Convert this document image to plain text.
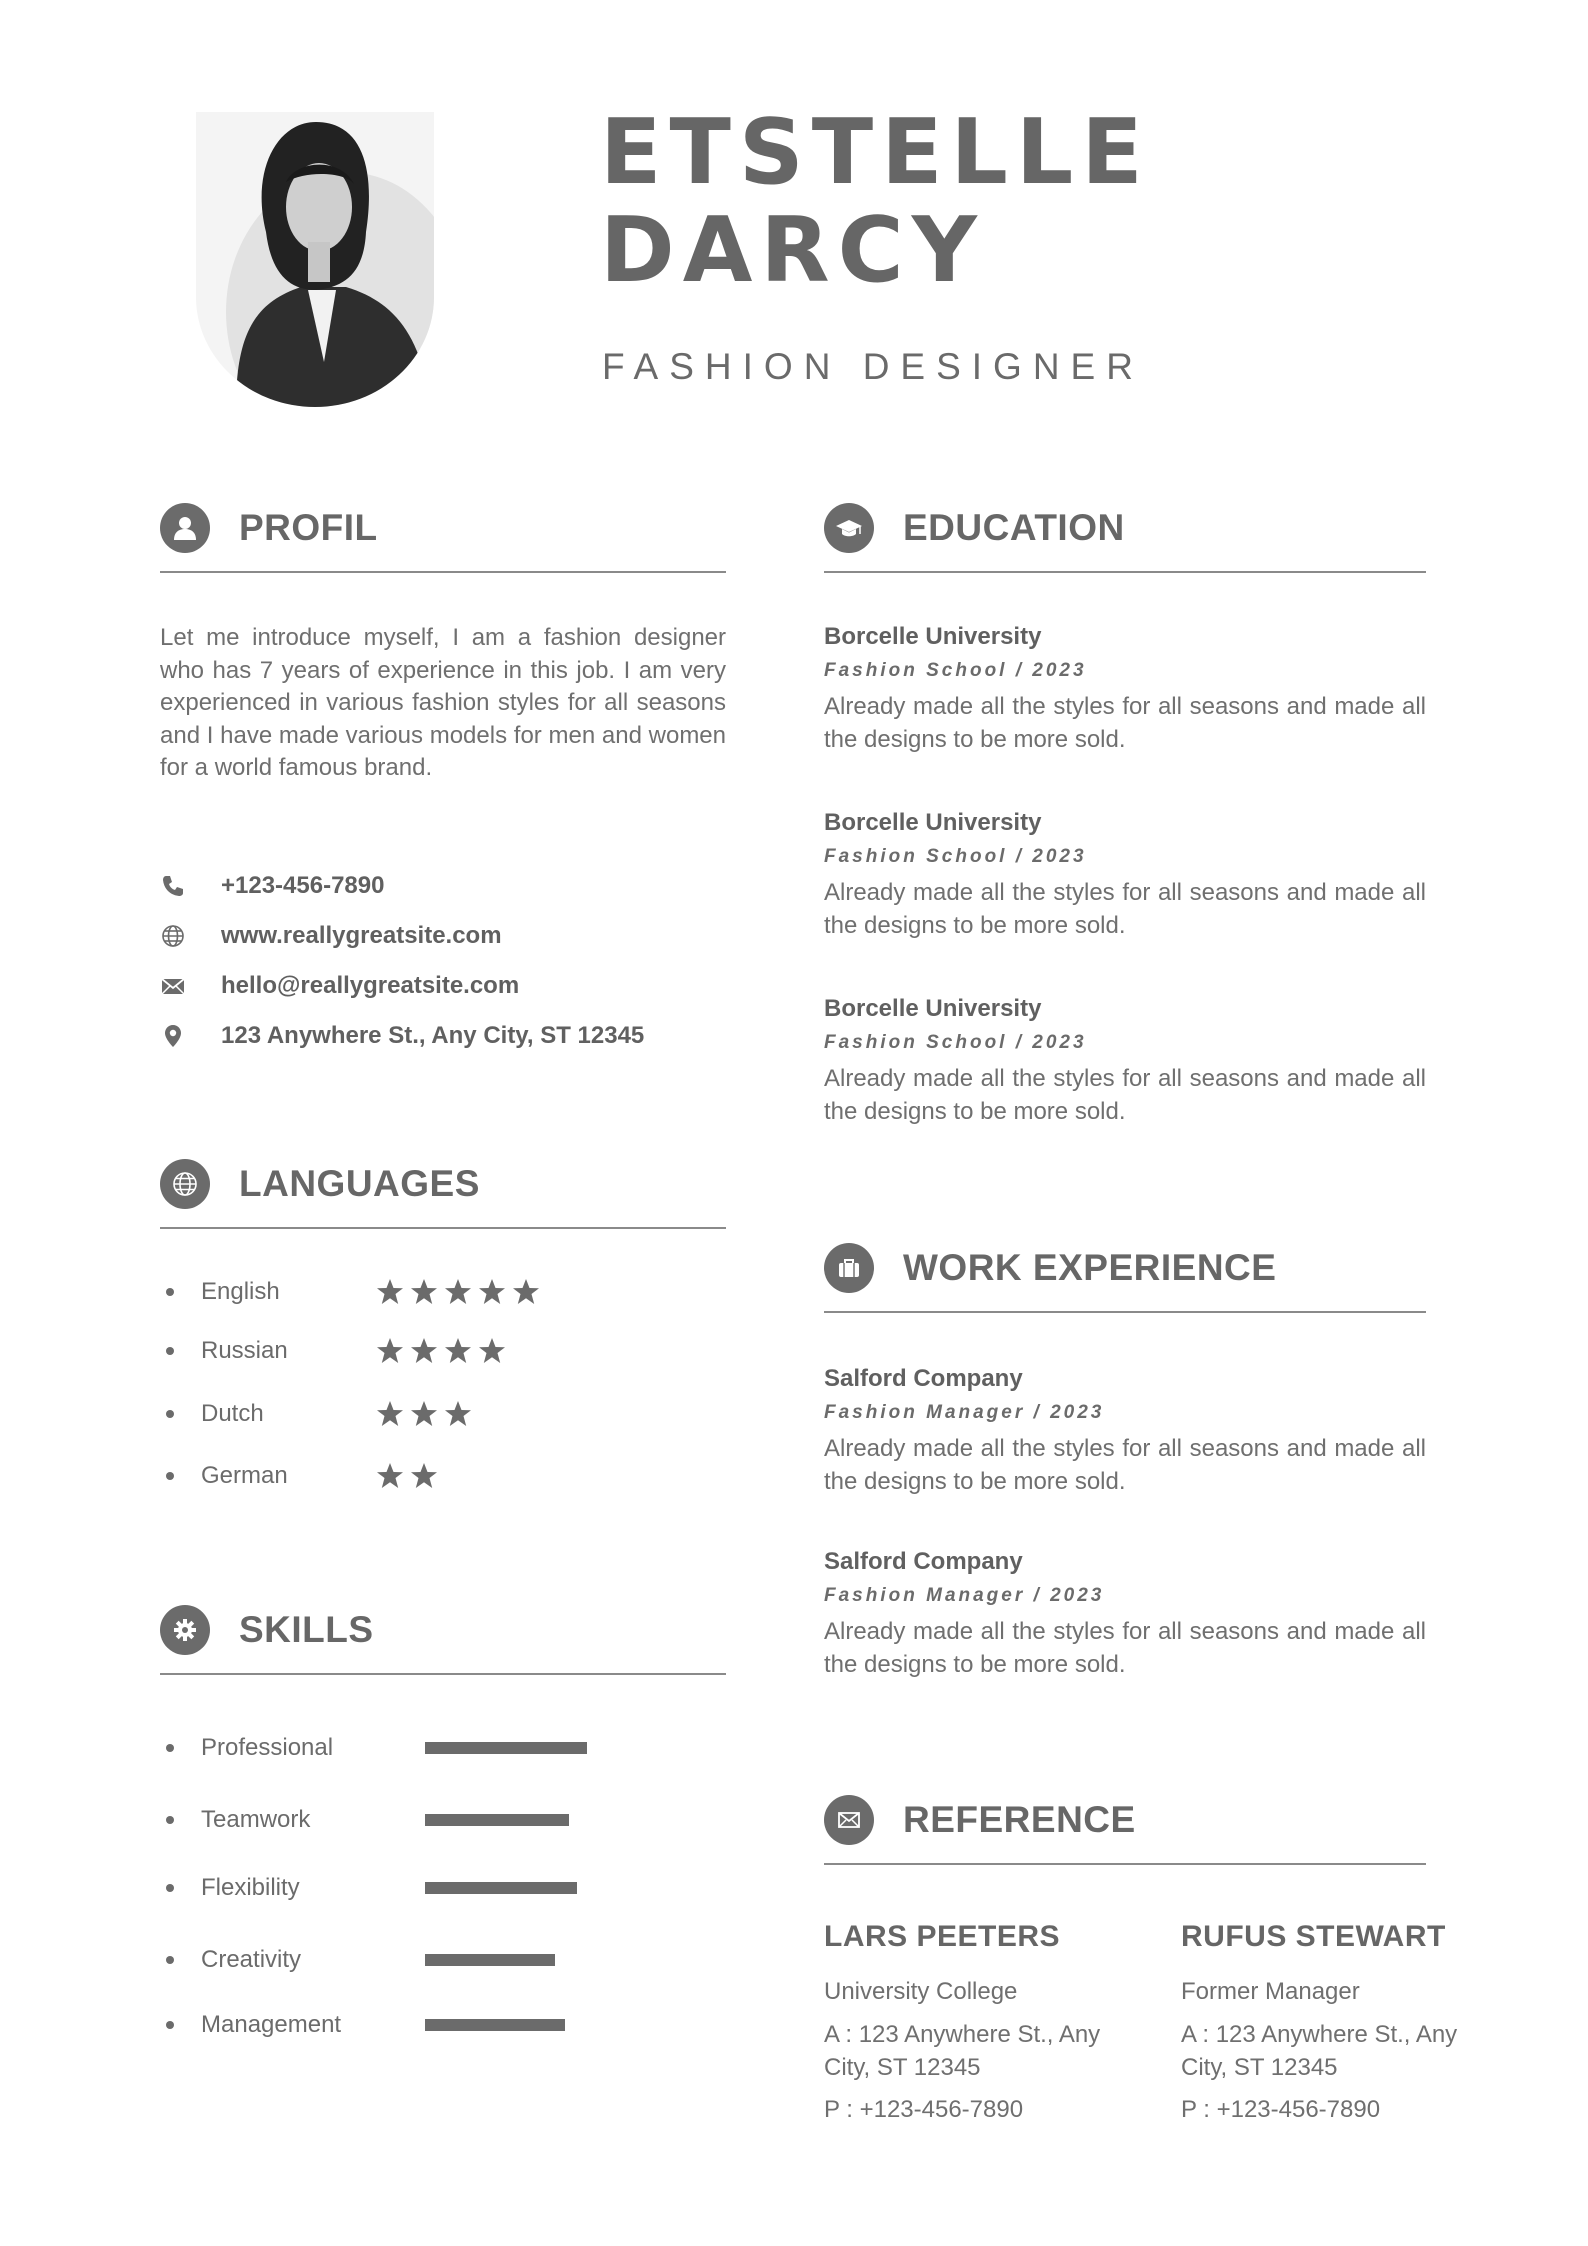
ETSTELLE
DARCY
FASHION DESIGNER
PROFIL
Let me introduce myself, I am a fashion designer who has 7 years of experience in this job. I am very experienced in various fashion styles for all seasons and I have made various models for men and women for a world famous brand.
+123-456-7890
www.reallygreatsite.com
hello@reallygreatsite.com
123 Anywhere St., Any City, ST 12345
LANGUAGES
English
Russian
Dutch
German
SKILLS
Professional
Teamwork
Flexibility
Creativity
Management
EDUCATION
Borcelle University
Fashion School / 2023
Already made all the styles for all seasons and made all the designs to be more sold.
Borcelle University
Fashion School / 2023
Already made all the styles for all seasons and made all the designs to be more sold.
Borcelle University
Fashion School / 2023
Already made all the styles for all seasons and made all the designs to be more sold.
WORK EXPERIENCE
Salford Company
Fashion Manager / 2023
Already made all the styles for all seasons and made all the designs to be more sold.
Salford Company
Fashion Manager / 2023
Already made all the styles for all seasons and made all the designs to be more sold.
REFERENCE
LARS PEETERS
University College
A : 123 Anywhere St., Any City, ST 12345
P : +123-456-7890
RUFUS STEWART
Former Manager
A : 123 Anywhere St., Any City, ST 12345
P : +123-456-7890
